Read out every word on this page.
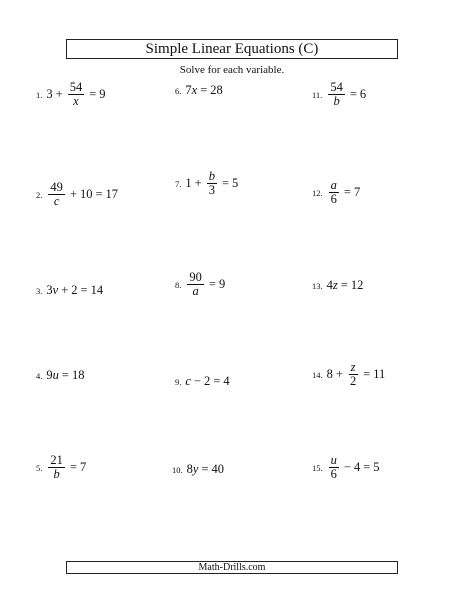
Simple Linear Equations (C)
Solve for each variable.
1. $3 + \frac{54}{x} = 9$
2. $\frac{49}{c} + 10 = 17$
3. 3 v + 2 = 14
4. 9 u = 18
5. $\frac{21}{b} = 7$
6. 7 x = 28
7. $1 + \frac{b}{3} = 5$
8. $\frac{90}{a} = 9$
9. c − 2 = 4
10. 8 y = 40
11. $\frac{54}{b} = 6$
12. $\frac{a}{6} = 7$
13. 4 z = 12
14. $8 + \frac{z}{2} = 11$
15. $\frac{u}{6} - 4 = 5$
Math-Drills.com
